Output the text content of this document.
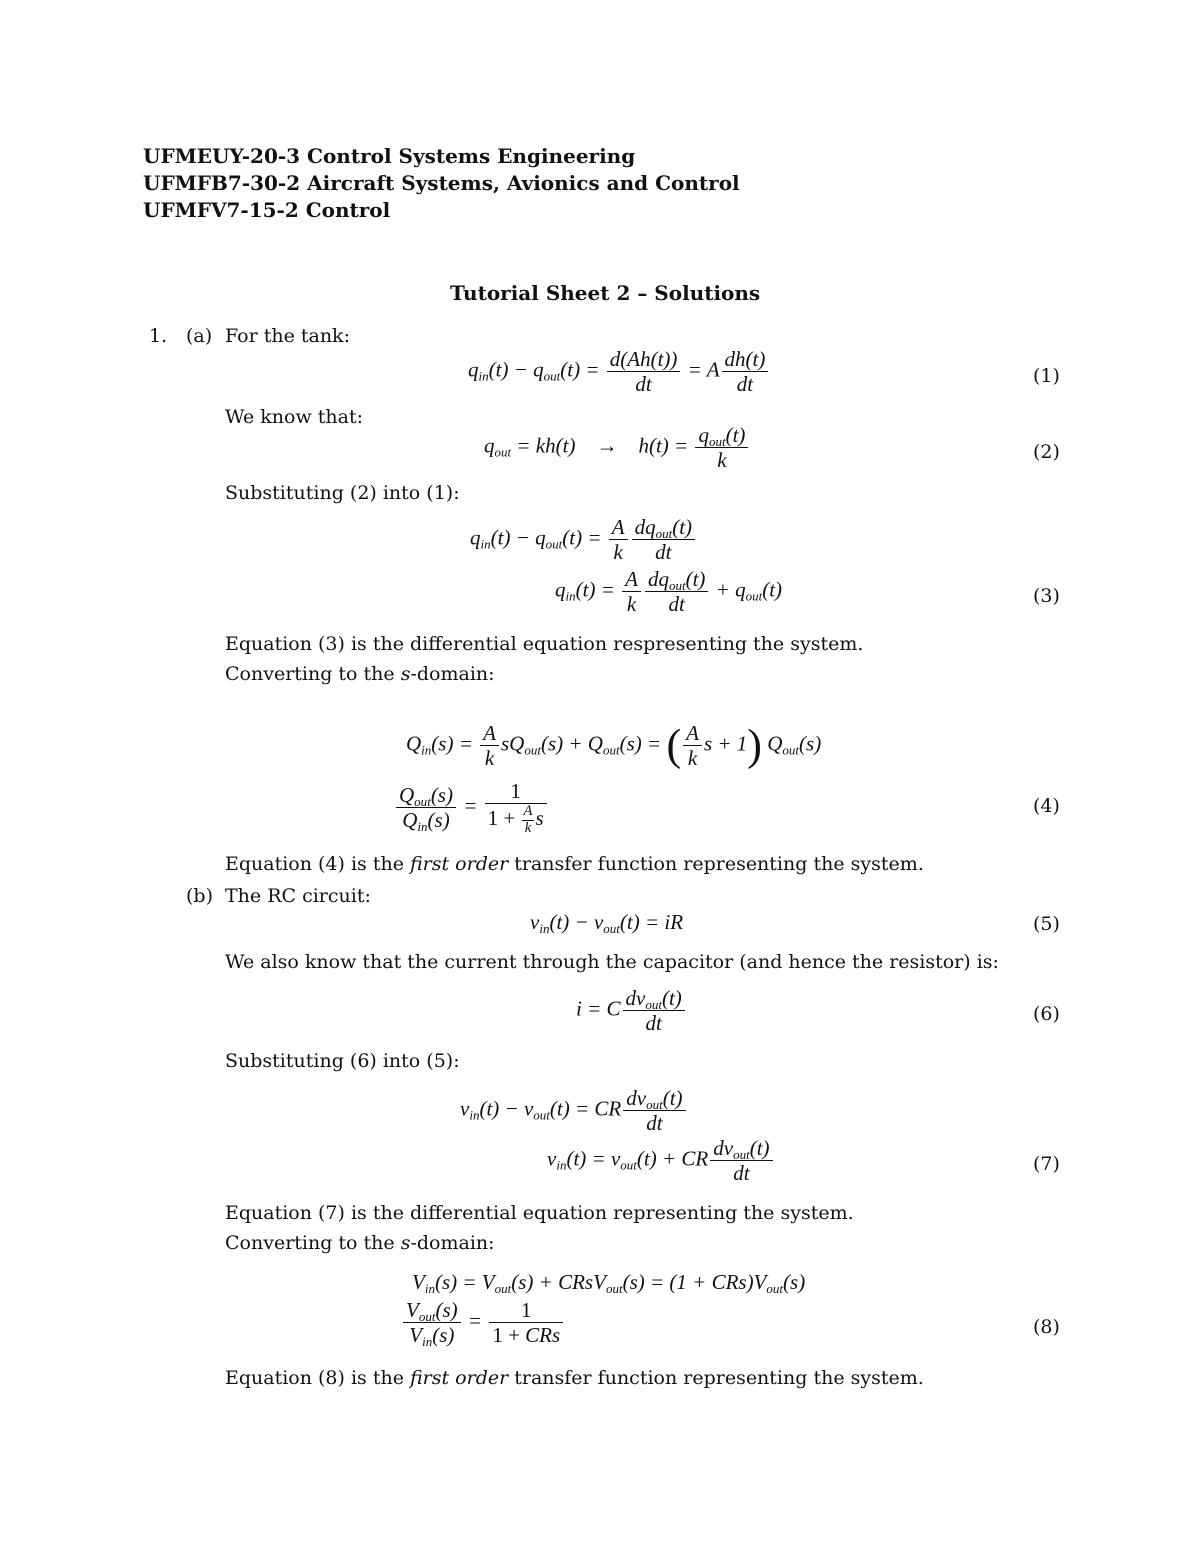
UFMEUY-20-3 Control Systems Engineering
UFMFB7-30-2 Aircraft Systems, Avionics and Control
UFMFV7-15-2 Control
Tutorial Sheet 2 – Solutions
1. (a) For the tank:
$q_{in}(t) - q_{out}(t) = \frac{d(Ah(t))}{dt} = A \frac{dh(t)}{dt}$	(1)
We know that:
$q_{out} = kh(t)$    →    $h(t) = \frac{q_{out}(t)}{k}$	(2)
Substituting (2) into (1):
$q_{in}(t) - q_{out}(t) = \frac{A}{k} \frac{dq_{out}(t)}{dt}$
$q_{in}(t) = \frac{A}{k} \frac{dq_{out}(t)}{dt} + q_{out}(t)$	(3)
Equation (3) is the differential equation respresenting the system.
Converting to the s-domain:
$Q_{in}(s) = \frac{A}{k} sQ_{out}(s) + Q_{out}(s)$ = ( $\frac{A}{k}$ s + 1) $Q_{out}(s)$
$\frac{Q_{out}(s)}{Q_{in}(s)} = \frac{1}{1 + \frac{A}{k} s}$	(4)
Equation (4) is the first order transfer function representing the system.
(b) The RC circuit:
$v_{in}(t) - v_{out}(t)$ = iR	(5)
We also know that the current through the capacitor (and hence the resistor) is:
i = C $\frac{dv_{out}(t)}{dt}$	(6)
Substituting (6) into (5):
$v_{in}(t) - v_{out}(t)$ = CR $\frac{dv_{out}(t)}{dt}$
$v_{in}(t) = v_{out}(t)$ + CR $\frac{dv_{out}(t)}{dt}$	(7)
Equation (7) is the differential equation representing the system.
Converting to the s-domain:
$V_{in}(s) = V_{out}(s)$ + CRsV$_{out}$(s) = $(1 + CRs)V_{out}(s)$
$\frac{V_{out}(s)}{V_{in}(s)} = \frac{1}{\text{1 + CRs}}$	(8)
Equation (8) is the first order transfer function representing the system.
